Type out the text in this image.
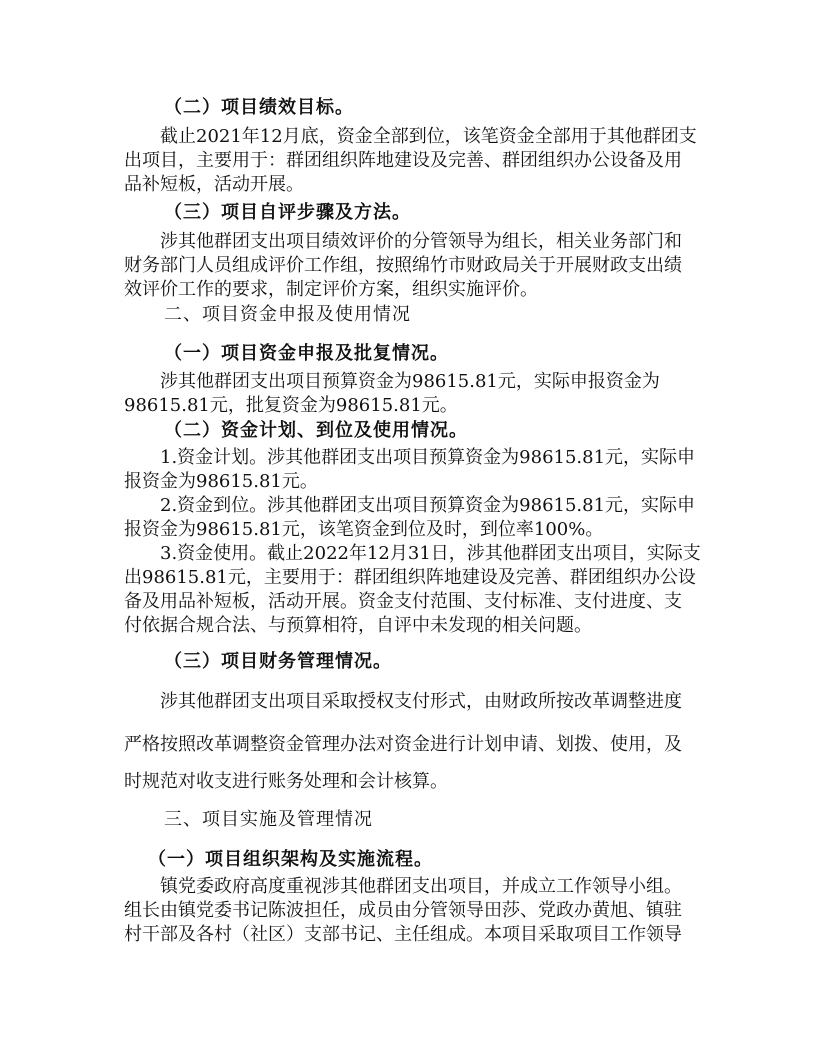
（二）项目绩效目标。
截止2021年12月底，资金全部到位，该笔资金全部用于其他群团支
出项目，主要用于：群团组织阵地建设及完善、群团组织办公设备及用
品补短板，活动开展。
（三）项目自评步骤及方法。
涉其他群团支出项目绩效评价的分管领导为组长，相关业务部门和
财务部门人员组成评价工作组，按照绵竹市财政局关于开展财政支出绩
效评价工作的要求，制定评价方案，组织实施评价。
二、项目资金申报及使用情况
（一）项目资金申报及批复情况。
涉其他群团支出项目预算资金为98615.81元，实际申报资金为
98615.81元，批复资金为98615.81元。
（二）资金计划、到位及使用情况。
1.资金计划。涉其他群团支出项目预算资金为98615.81元，实际申
报资金为98615.81元。
2.资金到位。涉其他群团支出项目预算资金为98615.81元，实际申
报资金为98615.81元，该笔资金到位及时，到位率100%。
3.资金使用。截止2022年12月31日，涉其他群团支出项目，实际支
出98615.81元，主要用于：群团组织阵地建设及完善、群团组织办公设
备及用品补短板，活动开展。资金支付范围、支付标准、支付进度、支
付依据合规合法、与预算相符，自评中未发现的相关问题。
（三）项目财务管理情况。
涉其他群团支出项目采取授权支付形式，由财政所按改革调整进度
严格按照改革调整资金管理办法对资金进行计划申请、划拨、使用，及
时规范对收支进行账务处理和会计核算。
三、项目实施及管理情况
（一）项目组织架构及实施流程。
镇党委政府高度重视涉其他群团支出项目，并成立工作领导小组。
组长由镇党委书记陈波担任，成员由分管领导田莎、党政办黄旭、镇驻
村干部及各村（社区）支部书记、主任组成。本项目采取项目工作领导
